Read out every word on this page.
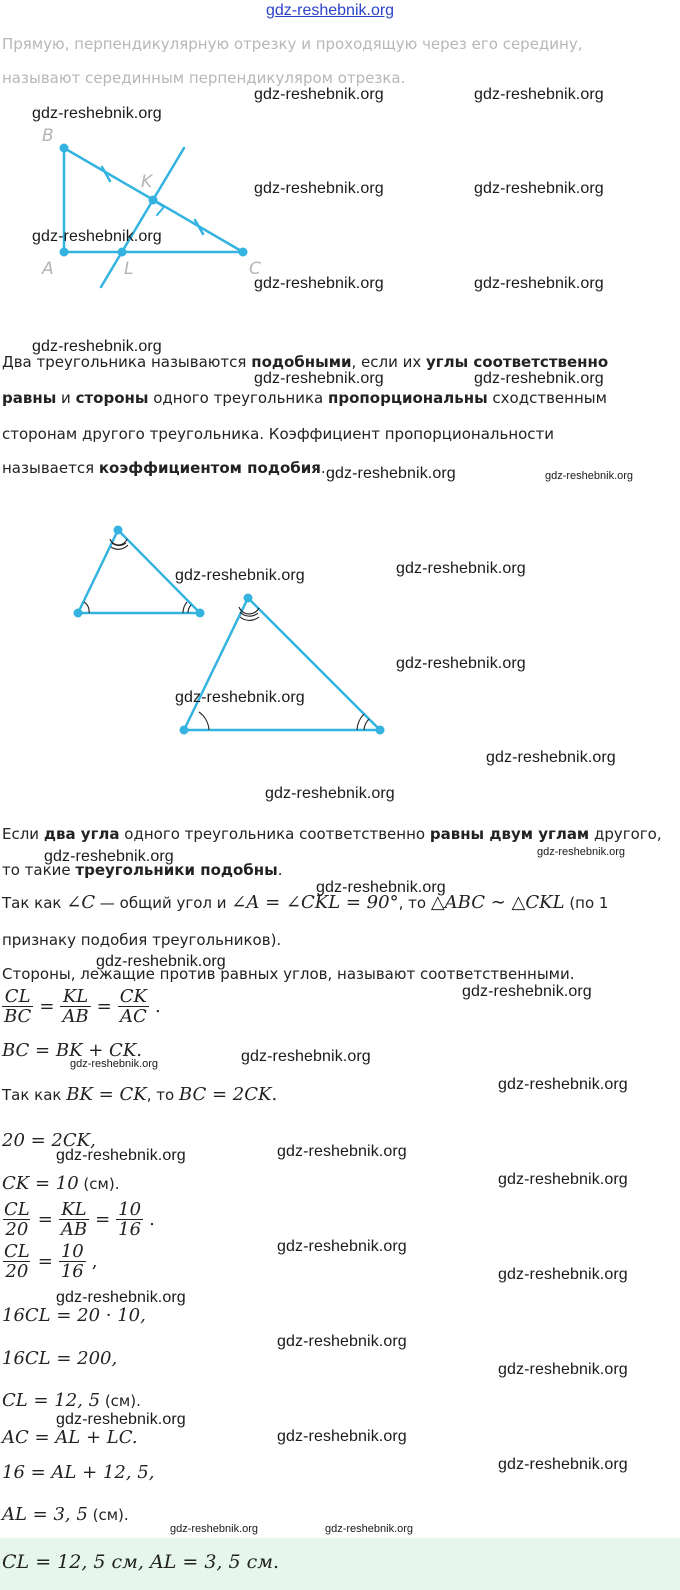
gdz-reshebnik.org
Прямую, перпендикулярную отрезку и проходящую через его середину,
называют серединным перпендикуляром отрезка.
B
K
A	L	C
Два треугольника называются подобными, если их углы соответственно
равны и стороны одного треугольника пропорциональны сходственным
сторонам другого треугольника. Коэффициент пропорциональности
называется коэффициентом подобия.
Если два угла одного треугольника соответственно равны двум углам другого,
то такие треугольники подобны.
Так как ∠C — общий угол и ∠A = ∠CKL = 90°, то △ABC ∼ △CKL (по 1
признаку подобия треугольников).
Стороны, лежащие против равных углов, называют соответственными.
$\frac{CL}{BC} = \frac{KL}{AB} = \frac{CK}{AC}$ .
BC = BK + CK.
Так как BK = CK, то BC = 2CK.
20 = 2CK,
CK = 10 (см).
$\frac{CL}{20} = \frac{KL}{AB} = \frac{10}{16}$ .
$\frac{CL}{20} = \frac{10}{16}$ ,
16CL = 20 · 10,
16CL = 200,
CL = 12, 5 (см).
AC = AL + LC.
16 = AL + 12, 5,
AL = 3, 5 (см).
CL = 12, 5 см, AL = 3, 5 см.
gdz-reshebnik.org	gdz-reshebnik.org
gdz-reshebnik.org
gdz-reshebnik.org	gdz-reshebnik.org
gdz-reshebnik.org
gdz-reshebnik.org	gdz-reshebnik.org
gdz-reshebnik.org
gdz-reshebnik.org	gdz-reshebnik.org
gdz-reshebnik.org	gdz-reshebnik.org
gdz-reshebnik.org	gdz-reshebnik.org
gdz-reshebnik.org
gdz-reshebnik.org
gdz-reshebnik.org
gdz-reshebnik.org
gdz-reshebnik.org	gdz-reshebnik.org
gdz-reshebnik.org
gdz-reshebnik.org
gdz-reshebnik.org
gdz-reshebnik.org
gdz-reshebnik.org
gdz-reshebnik.org
gdz-reshebnik.org	gdz-reshebnik.org
gdz-reshebnik.org
gdz-reshebnik.org
gdz-reshebnik.org
gdz-reshebnik.org
gdz-reshebnik.org
gdz-reshebnik.org
gdz-reshebnik.org
gdz-reshebnik.org
gdz-reshebnik.org
gdz-reshebnik.org	gdz-reshebnik.org
